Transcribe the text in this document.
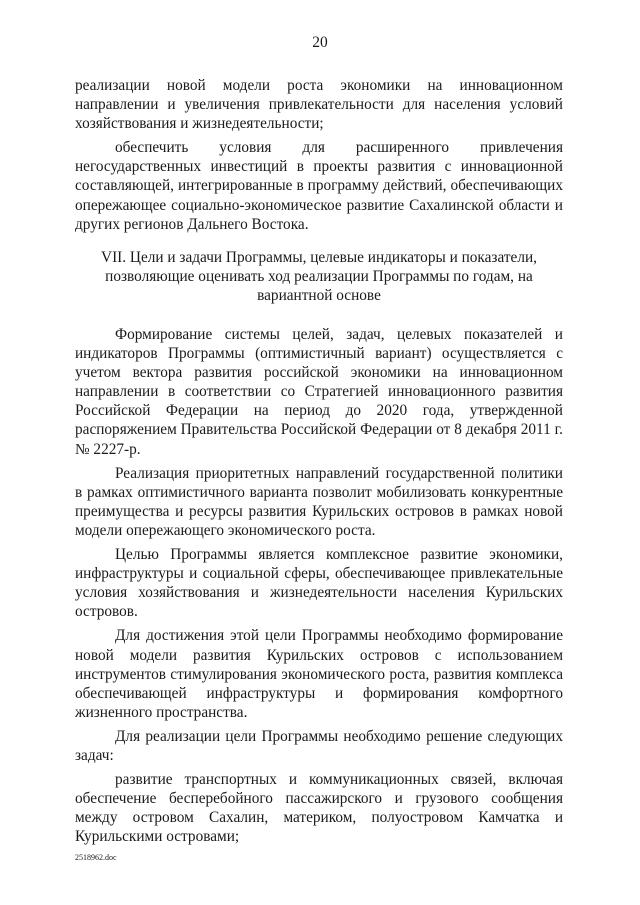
20

реализации новой модели роста экономики на инновационном направлении и увеличения привлекательности для населения условий хозяйствования и жизнедеятельности;

обеспечить условия для расширенного привлечения негосударственных инвестиций в проекты развития с инновационной составляющей, интегрированные в программу действий, обеспечивающих опережающее социально-экономическое развитие Сахалинской области и других регионов Дальнего Востока.

VII. Цели и задачи Программы, целевые индикаторы и показатели, позволяющие оценивать ход реализации Программы по годам, на вариантной основе

Формирование системы целей, задач, целевых показателей и индикаторов Программы (оптимистичный вариант) осуществляется с учетом вектора развития российской экономики на инновационном направлении в соответствии со Стратегией инновационного развития Российской Федерации на период до 2020 года, утвержденной распоряжением Правительства Российской Федерации от 8 декабря 2011 г. № 2227-р.

Реализация приоритетных направлений государственной политики в рамках оптимистичного варианта позволит мобилизовать конкурентные преимущества и ресурсы развития Курильских островов в рамках новой модели опережающего экономического роста.

Целью Программы является комплексное развитие экономики, инфраструктуры и социальной сферы, обеспечивающее привлекательные условия хозяйствования и жизнедеятельности населения Курильских островов.

Для достижения этой цели Программы необходимо формирование новой модели развития Курильских островов с использованием инструментов стимулирования экономического роста, развития комплекса обеспечивающей инфраструктуры и формирования комфортного жизненного пространства.

Для реализации цели Программы необходимо решение следующих задач:

развитие транспортных и коммуникационных связей, включая обеспечение бесперебойного пассажирского и грузового сообщения между островом Сахалин, материком, полуостровом Камчатка и Курильскими островами;

2518962.doc
